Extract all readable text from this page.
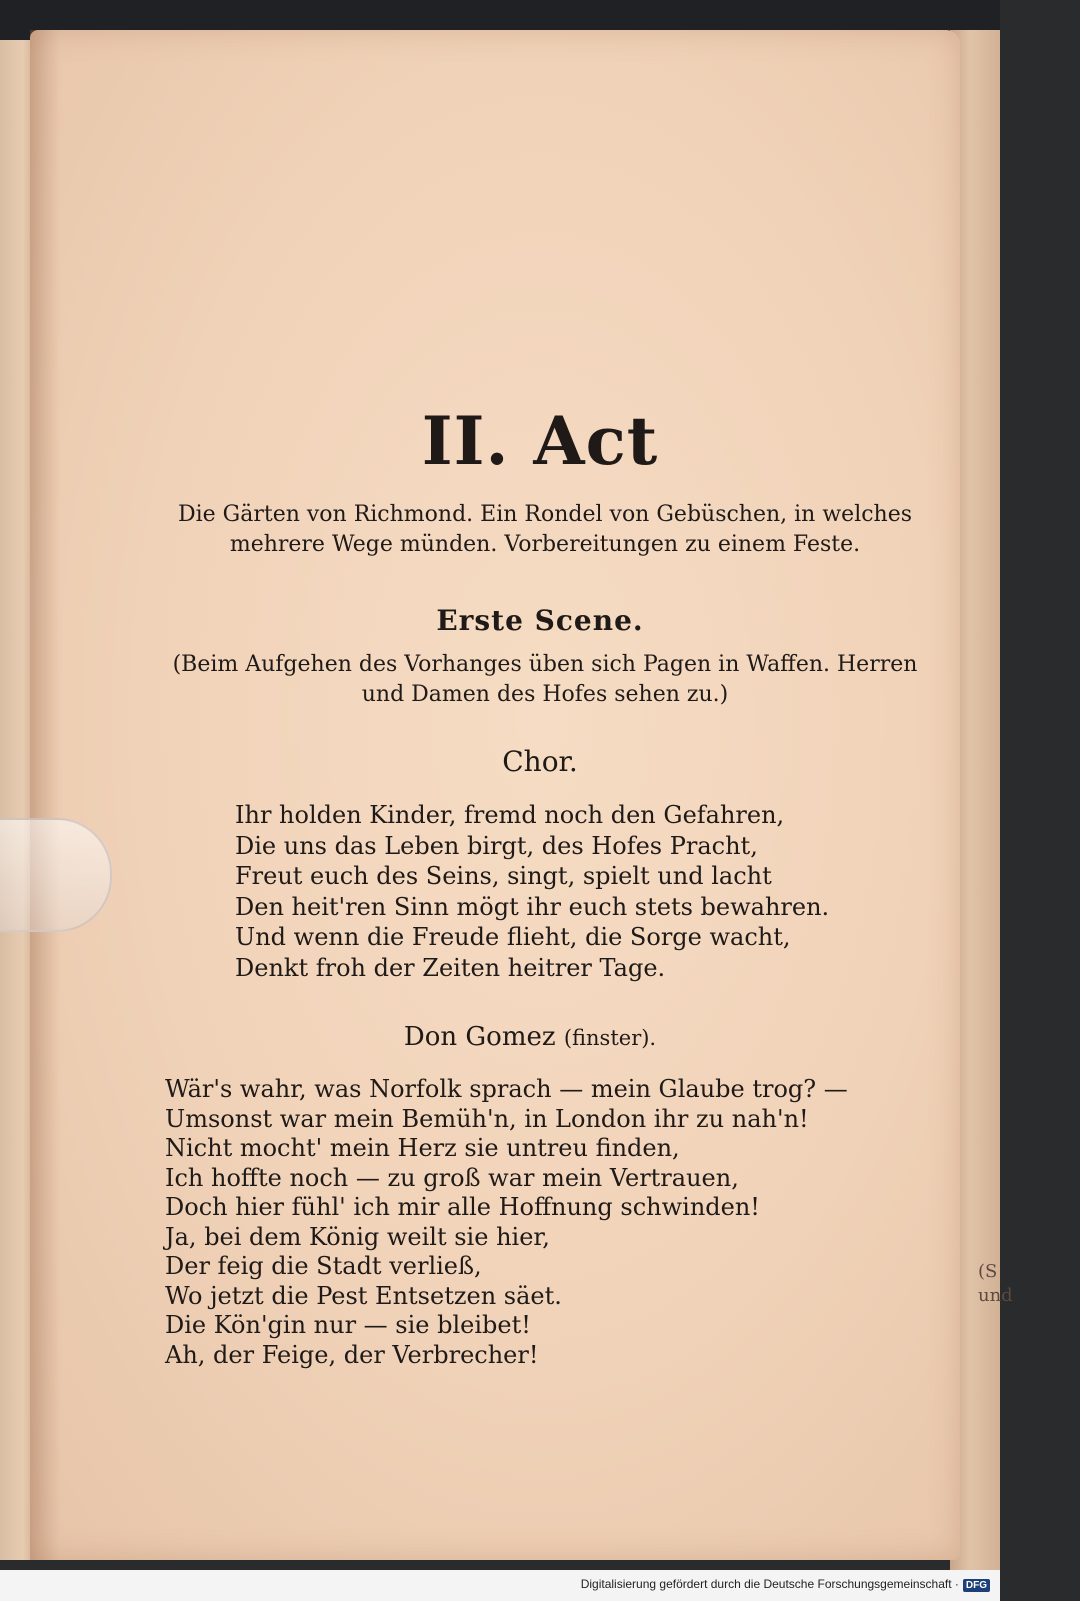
(S
und
II. Act
Die Gärten von Richmond. Ein Rondel von Gebüschen, in welches mehrere Wege münden. Vorbereitungen zu einem Feste.
Erste Scene.
(Beim Aufgehen des Vorhanges üben sich Pagen in Waffen. Herren und Damen des Hofes sehen zu.)
Chor.
Ihr holden Kinder, fremd noch den Gefahren,
Die uns das Leben birgt, des Hofes Pracht,
Freut euch des Seins, singt, spielt und lacht
Den heit'ren Sinn mögt ihr euch stets bewahren.
Und wenn die Freude flieht, die Sorge wacht,
Denkt froh der Zeiten heitrer Tage.
Don Gomez (finster).
Wär's wahr, was Norfolk sprach — mein Glaube trog? —
Umsonst war mein Bemüh'n, in London ihr zu nah'n!
Nicht mocht' mein Herz sie untreu finden,
Ich hoffte noch — zu groß war mein Vertrauen,
Doch hier fühl' ich mir alle Hoffnung schwinden!
Ja, bei dem König weilt sie hier,
Der feig die Stadt verließ,
Wo jetzt die Pest Entsetzen säet.
Die Kön'gin nur — sie bleibet!
Ah, der Feige, der Verbrecher!
Digitalisierung gefördert durch die Deutsche Forschungsgemeinschaft · DFG
